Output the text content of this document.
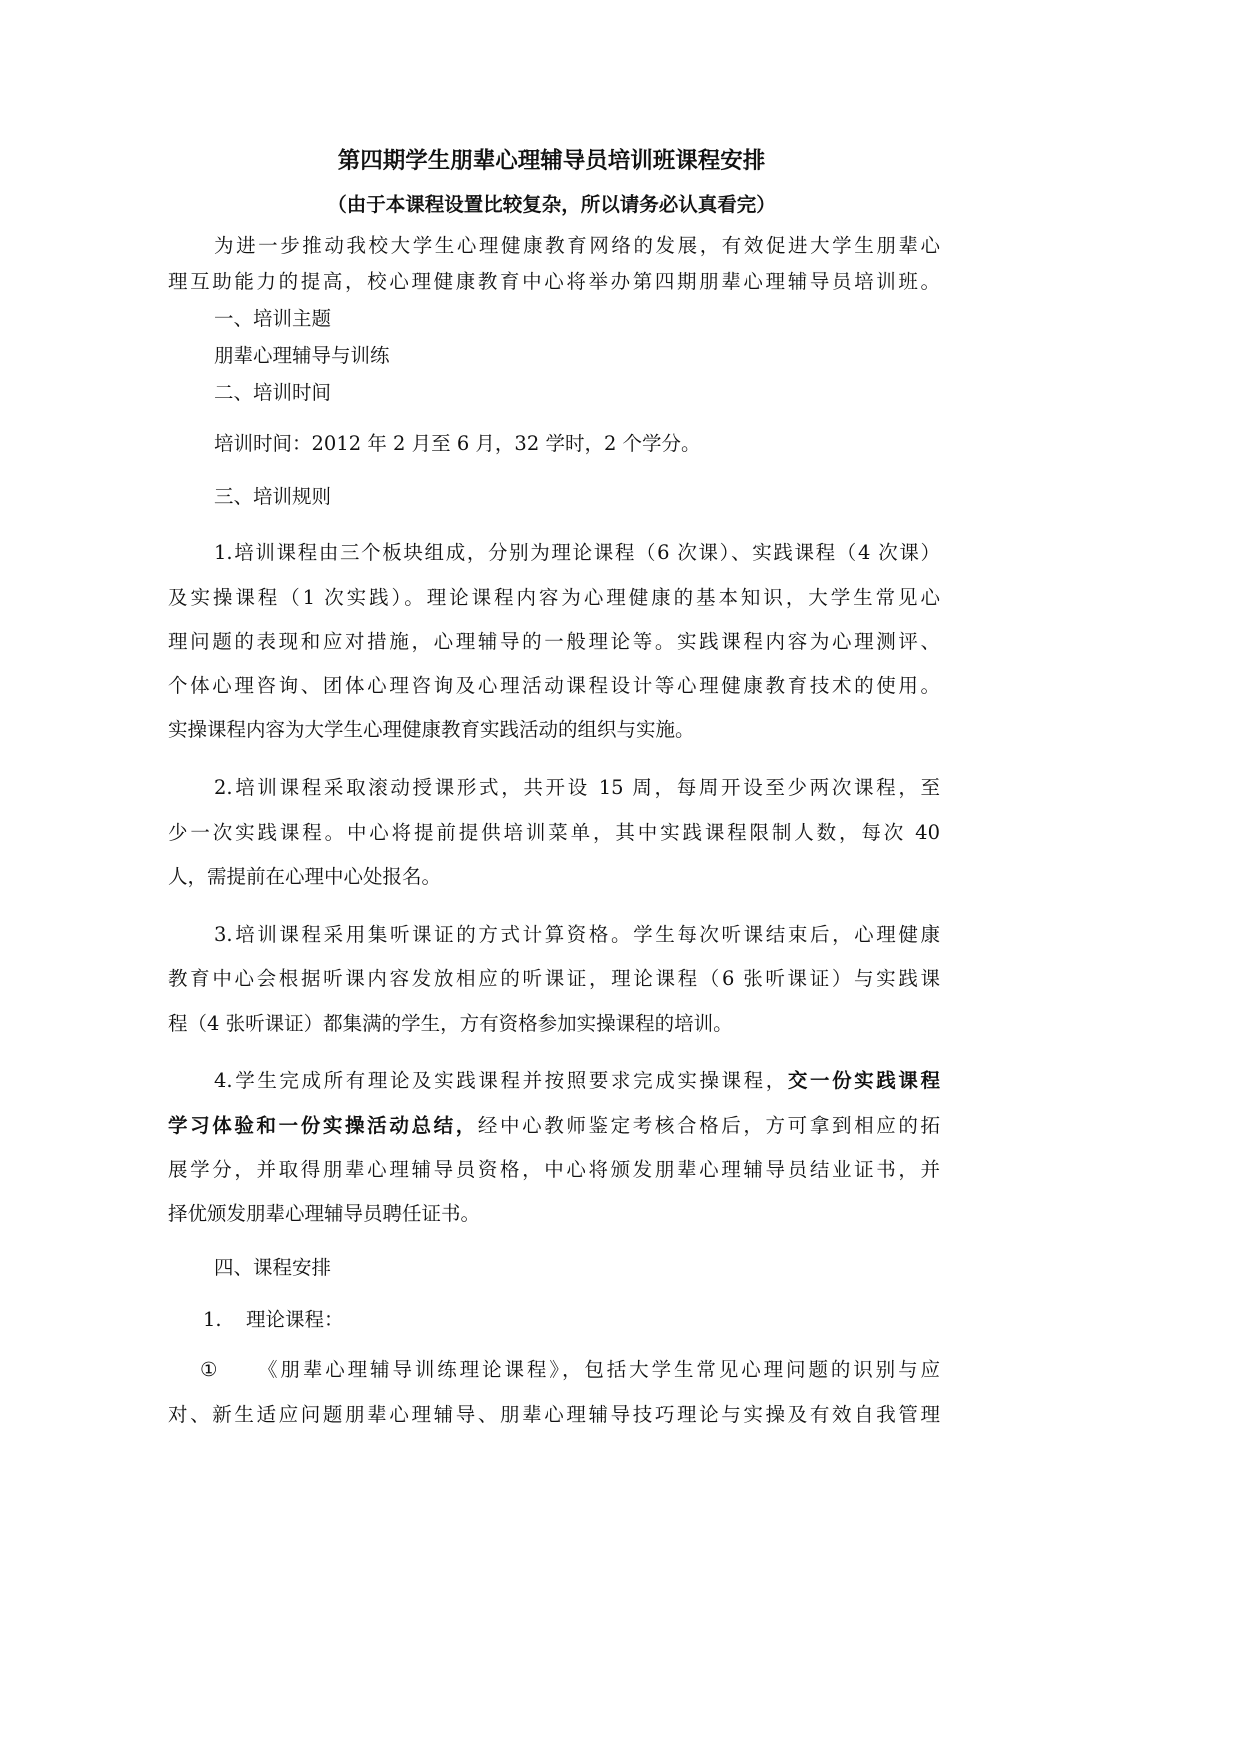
第四期学生朋辈心理辅导员培训班课程安排
（由于本课程设置比较复杂，所以请务必认真看完）
为进一步推动我校大学生心理健康教育网络的发展，有效促进大学生朋辈心
理互助能力的提高，校心理健康教育中心将举办第四期朋辈心理辅导员培训班。
一、培训主题
朋辈心理辅导与训练
二、培训时间
培训时间：2012 年 2 月至 6 月，32 学时，2 个学分。
三、培训规则
1.培训课程由三个板块组成，分别为理论课程（6 次课）、实践课程（4 次课）
及实操课程（1 次实践）。理论课程内容为心理健康的基本知识，大学生常见心
理问题的表现和应对措施，心理辅导的一般理论等。实践课程内容为心理测评、
个体心理咨询、团体心理咨询及心理活动课程设计等心理健康教育技术的使用。
实操课程内容为大学生心理健康教育实践活动的组织与实施。
2.培训课程采取滚动授课形式，共开设 15 周，每周开设至少两次课程，至
少一次实践课程。中心将提前提供培训菜单，其中实践课程限制人数，每次 40
人，需提前在心理中心处报名。
3.培训课程采用集听课证的方式计算资格。学生每次听课结束后，心理健康
教育中心会根据听课内容发放相应的听课证，理论课程（6 张听课证）与实践课
程（4 张听课证）都集满的学生，方有资格参加实操课程的培训。
4.学生完成所有理论及实践课程并按照要求完成实操课程，交一份实践课程
学习体验和一份实操活动总结，经中心教师鉴定考核合格后，方可拿到相应的拓
展学分，并取得朋辈心理辅导员资格，中心将颁发朋辈心理辅导员结业证书，并
择优颁发朋辈心理辅导员聘任证书。
四、课程安排
1. 理论课程：
① 《朋辈心理辅导训练理论课程》，包括大学生常见心理问题的识别与应
对、新生适应问题朋辈心理辅导、朋辈心理辅导技巧理论与实操及有效自我管理
